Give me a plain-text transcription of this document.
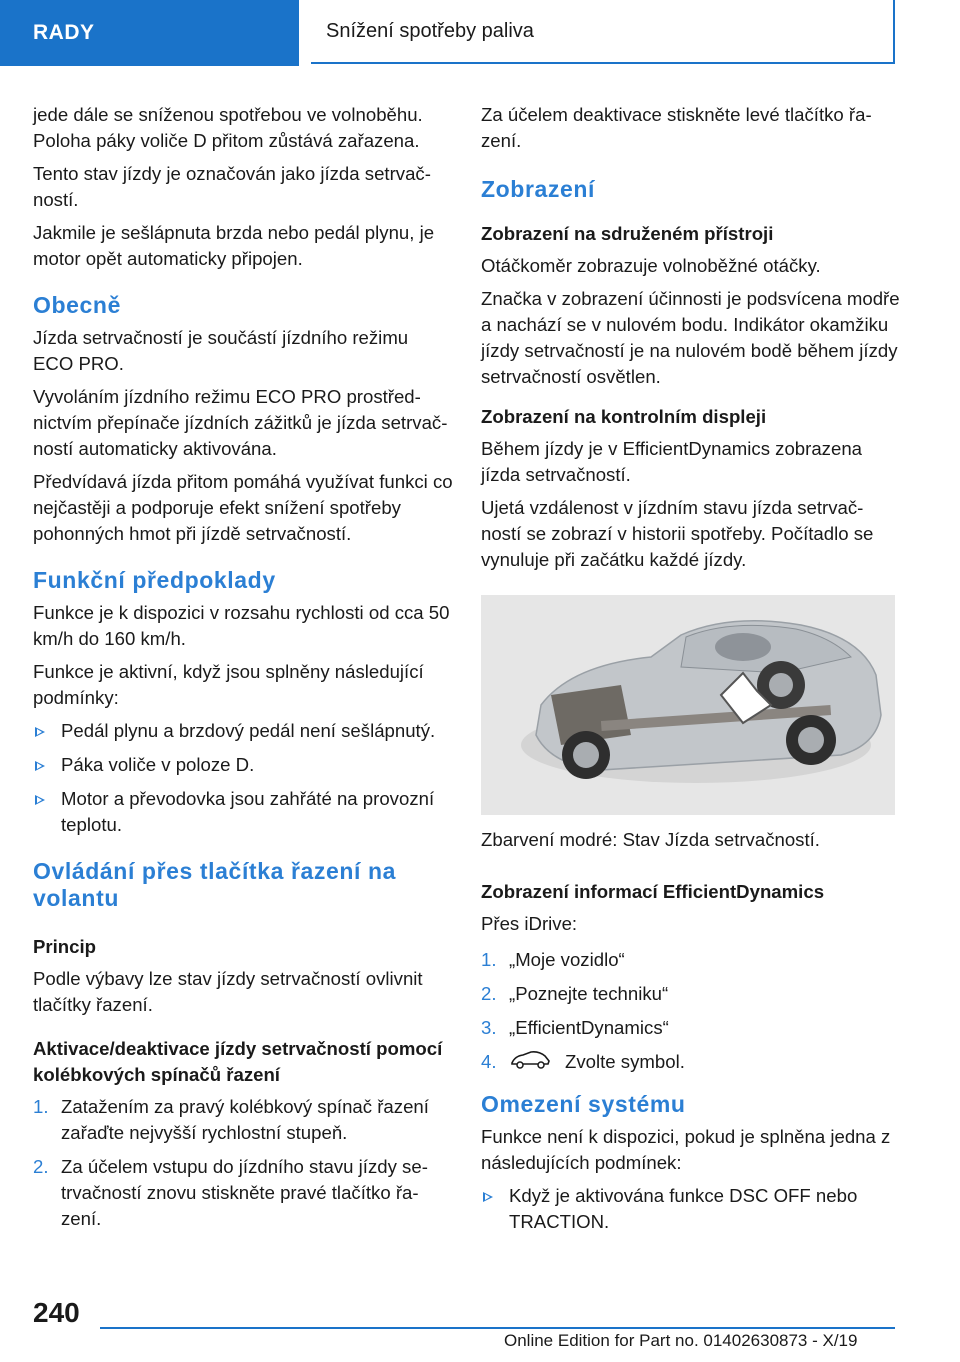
RADY	Snížení spotřeby paliva

jede dále se sníženou spotřebou ve volnoběhu. Poloha páky voliče D přitom zůstává zařazena.

Tento stav jízdy je označován jako jízda setrvač-ností.

Jakmile je sešlápnuta brzda nebo pedál plynu, je motor opět automaticky připojen.

Obecně

Jízda setrvačností je součástí jízdního režimu ECO PRO.

Vyvoláním jízdního režimu ECO PRO prostřed-nictvím přepínače jízdních zážitků je jízda setrvač-ností automaticky aktivována.

Předvídavá jízda přitom pomáhá využívat funkci co nejčastěji a podporuje efekt snížení spotřeby pohonných hmot při jízdě setrvačností.

Funkční předpoklady

Funkce je k dispozici v rozsahu rychlosti od cca 50 km/h do 160 km/h.

Funkce je aktivní, když jsou splněny následující podmínky:

Pedál plynu a brzdový pedál není sešlápnutý.
Páka voliče v poloze D.
Motor a převodovka jsou zahřáté na provozní teplotu.
Ovládání přes tlačítka řazení na volantu
Princip

Podle výbavy lze stav jízdy setrvačností ovlivnit tlačítky řazení.

Aktivace/deaktivace jízdy setrvačností pomocí kolébkových spínačů řazení
1. Zatažením za pravý kolébkový spínač řazení zařaďte nejvyšší rychlostní stupeň.
2. Za účelem vstupu do jízdního stavu jízdy se-trvačností znovu stiskněte pravé tlačítko řa-zení.

Za účelem deaktivace stiskněte levé tlačítko řa-zení.

Zobrazení
Zobrazení na sdruženém přístroji

Otáčkoměr zobrazuje volnoběžné otáčky.

Značka v zobrazení účinnosti je podsvícena modře a nachází se v nulovém bodu. Indikátor okamžiku jízdy setrvačností je na nulovém bodě během jízdy setrvačností osvětlen.

Zobrazení na kontrolním displeji

Během jízdy je v EfficientDynamics zobrazena jízda setrvačností.

Ujetá vzdálenost v jízdním stavu jízda setrvač-ností se zobrazí v historii spotřeby. Počítadlo se vynuluje při začátku každé jízdy.

Zbarvení modré: Stav Jízda setrvačností.

Zobrazení informací EfficientDynamics

Přes iDrive:

1. „Moje vozidlo“
2. „Poznejte techniku“
3. „EfficientDynamics“
4.	Zvolte symbol.
Omezení systému

Funkce není k dispozici, pokud je splněna jedna z následujících podmínek:

Když je aktivována funkce DSC OFF nebo TRACTION.
240
Online Edition for Part no. 01402630873 - X/19
